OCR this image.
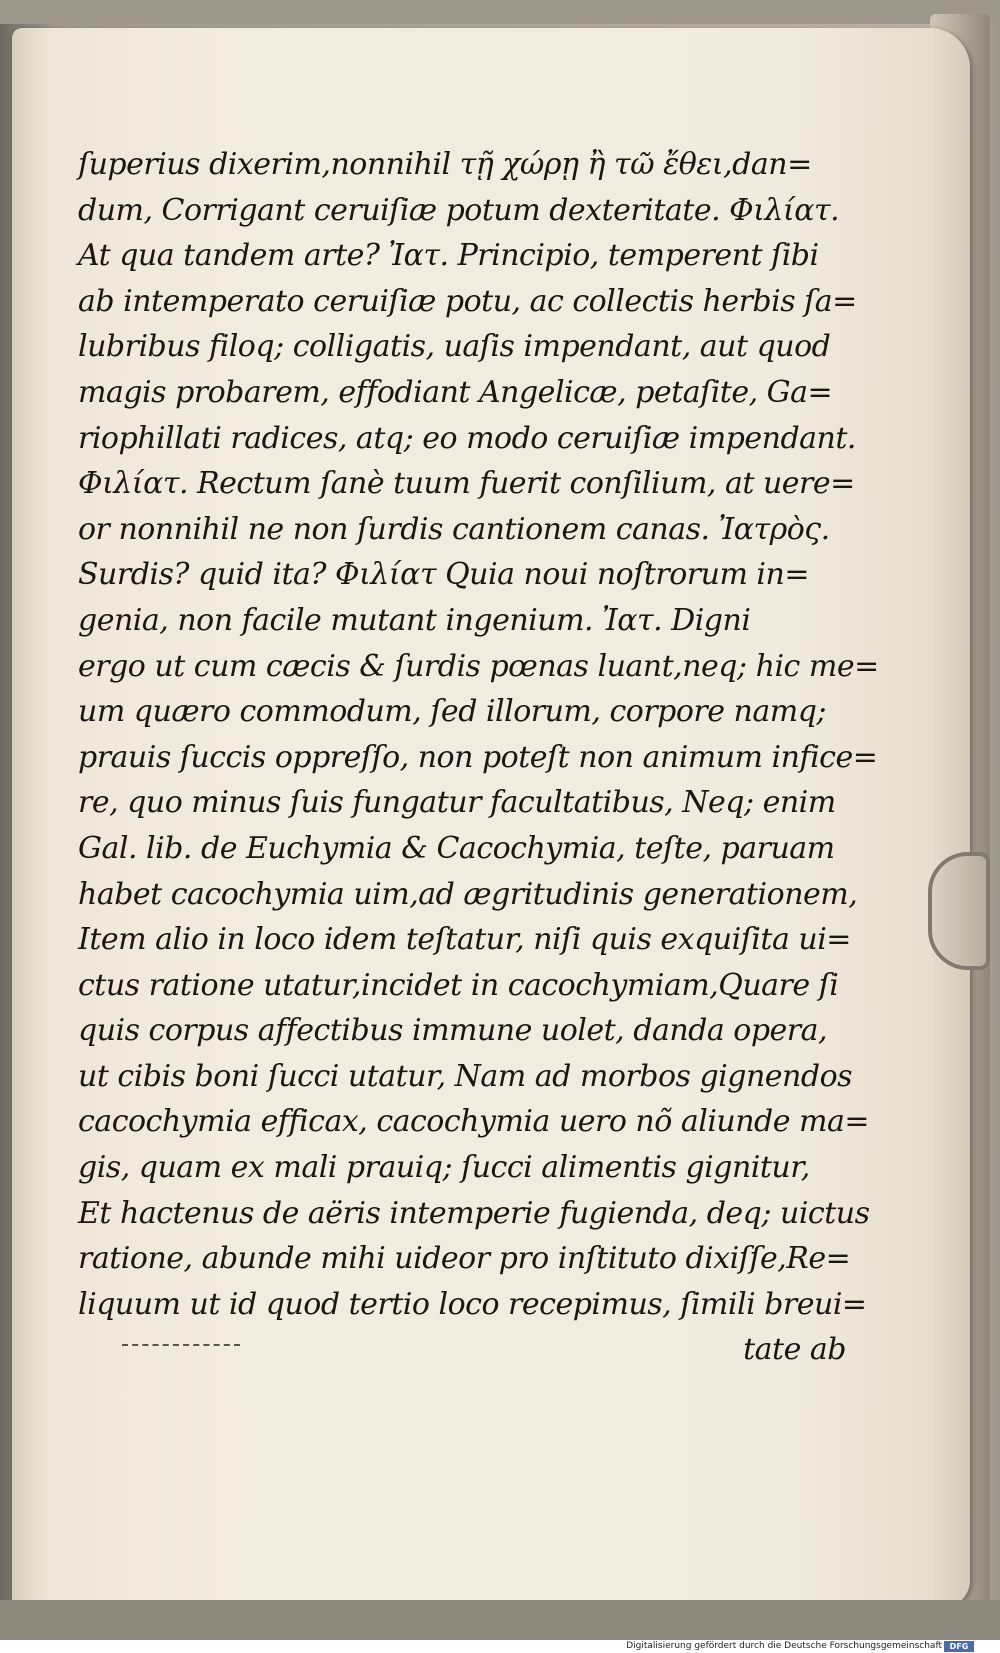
ſuperius dixerim,nonnihil τῇ χώρῃ ἢ τῶ ἔθει,dan=
dum, Corrigant ceruiſiæ potum dexteritate. Φιλίατ.
At qua tandem arte? Ἰατ. Principio, temperent ſibi
ab intemperato ceruiſiæ potu, ac collectis herbis ſa=
lubribus filoq; colligatis, uaſis impendant, aut quod
magis probarem, effodiant Angelicæ, petaſite, Ga=
riophillati radices, atq; eo modo ceruiſiæ impendant.
Φιλίατ. Rectum ſanè tuum fuerit conſilium, at uere=
or nonnihil ne non ſurdis cantionem canas. Ἰατρὸς.
Surdis? quid ita? Φιλίατ Quia noui noſtrorum in=
genia, non facile mutant ingenium. Ἰατ. Digni
ergo ut cum cæcis & ſurdis pœnas luant,neq; hic me=
um quæro commodum, ſed illorum, corpore namq;
prauis ſuccis oppreſſo, non poteſt non animum infice=
re, quo minus ſuis fungatur facultatibus, Neq; enim
Gal. lib. de Euchymia & Cacochymia, teſte, paruam
habet cacochymia uim,ad ægritudinis generationem,
Item alio in loco idem teſtatur, niſi quis exquiſita ui=
ctus ratione utatur,incidet in cacochymiam,Quare ſi
quis corpus affectibus immune uolet, danda opera,
ut cibis boni ſucci utatur, Nam ad morbos gignendos
cacochymia efficax, cacochymia uero nõ aliunde ma=
gis, quam ex mali prauiq; ſucci alimentis gignitur,
Et hactenus de aëris intemperie fugienda, deq; uictus
ratione, abunde mihi uideor pro inſtituto dixiſſe,Re=
liquum ut id quod tertio loco recepimus, ſimili breui=
tate ab
Digitalisierung gefördert durch die Deutsche Forschungsgemeinschaft DFG
